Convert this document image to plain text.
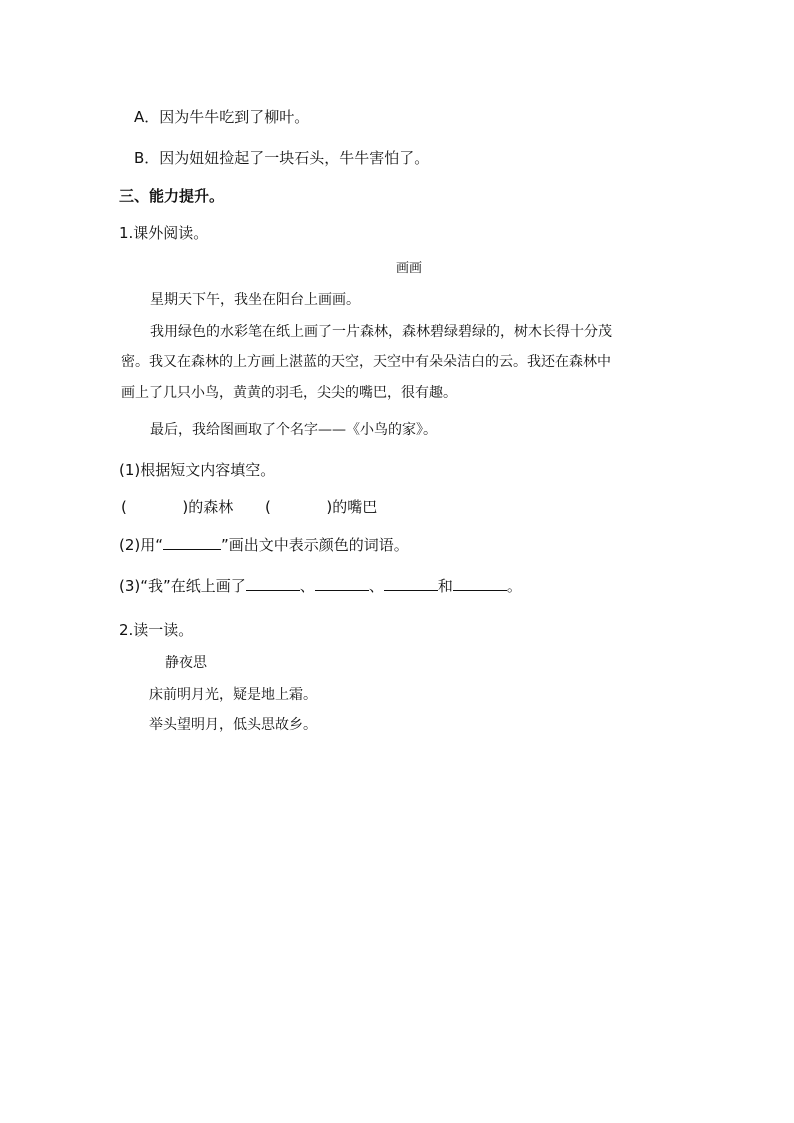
A．因为牛牛吃到了柳叶。
B．因为妞妞捡起了一块石头，牛牛害怕了。
三、能力提升。
1.课外阅读。
画画
星期天下午，我坐在阳台上画画。
我用绿色的水彩笔在纸上画了一片森林，森林碧绿碧绿的，树木长得十分茂
密。我又在森林的上方画上湛蓝的天空，天空中有朵朵洁白的云。我还在森林中
画上了几只小鸟，黄黄的羽毛，尖尖的嘴巴，很有趣。
最后，我给图画取了个名字——《小鸟的家》。
(1)根据短文内容填空。
(	)的森林 (	)的嘴巴
(2)用“	”画出文中表示颜色的词语。
(3)“我”在纸上画了	、	、	和	。
2.读一读。
静夜思
床前明月光，疑是地上霜。
举头望明月，低头思故乡。
